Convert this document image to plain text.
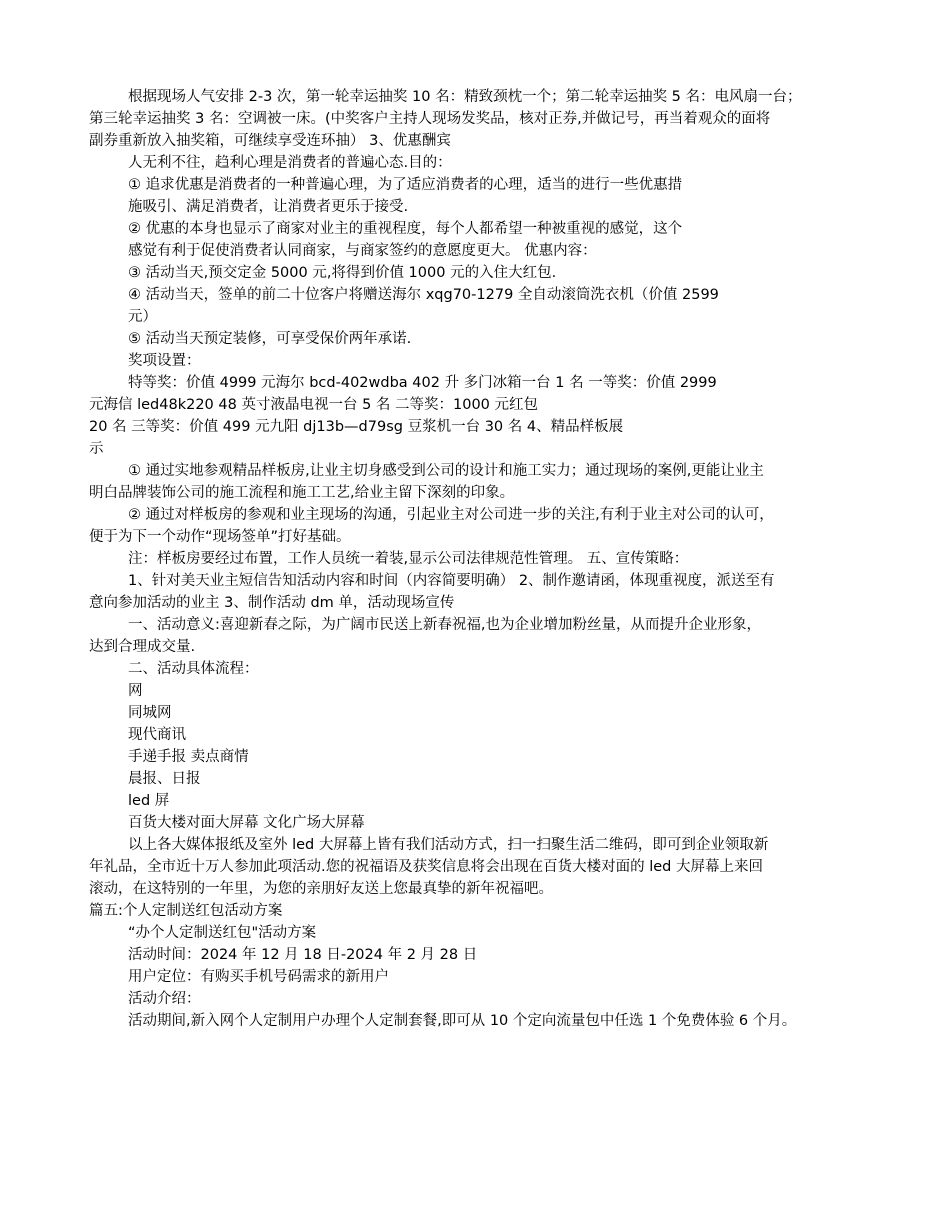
根据现场人气安排 2-3 次，第一轮幸运抽奖 10 名：精致颈枕一个；第二轮幸运抽奖 5 名：电风扇一台；
第三轮幸运抽奖 3 名：空调被一床。(中奖客户主持人现场发奖品，核对正券,并做记号，再当着观众的面将
副券重新放入抽奖箱，可继续享受连环抽） 3、优惠酬宾
人无利不往，趋利心理是消费者的普遍心态.目的：
① 追求优惠是消费者的一种普遍心理，为了适应消费者的心理，适当的进行一些优惠措
施吸引、满足消费者，让消费者更乐于接受.
② 优惠的本身也显示了商家对业主的重视程度，每个人都希望一种被重视的感觉，这个
感觉有利于促使消费者认同商家，与商家签约的意愿度更大。 优惠内容：
③ 活动当天,预交定金 5000 元,将得到价值 1000 元的入住大红包.
④ 活动当天，签单的前二十位客户将赠送海尔 xqg70-1279 全自动滚筒洗衣机（价值 2599
元）
⑤ 活动当天预定装修，可享受保价两年承诺.
奖项设置：
特等奖：价值 4999 元海尔 bcd-402wdba 402 升 多门冰箱一台 1 名 一等奖：价值 2999
元海信 led48k220 48 英寸液晶电视一台 5 名 二等奖：1000 元红包
20 名 三等奖：价值 499 元九阳 dj13b—d79sg 豆浆机一台 30 名 4、精品样板展
示
① 通过实地参观精品样板房,让业主切身感受到公司的设计和施工实力；通过现场的案例,更能让业主
明白品牌装饰公司的施工流程和施工工艺,给业主留下深刻的印象。
② 通过对样板房的参观和业主现场的沟通，引起业主对公司进一步的关注,有利于业主对公司的认可，
便于为下一个动作“现场签单”打好基础。
注：样板房要经过布置，工作人员统一着装,显示公司法律规范性管理。 五、宣传策略：
1、针对美天业主短信告知活动内容和时间（内容简要明确） 2、制作邀请函，体现重视度，派送至有
意向参加活动的业主 3、制作活动 dm 单，活动现场宣传
一、活动意义:喜迎新春之际，为广阔市民送上新春祝福,也为企业增加粉丝量，从而提升企业形象，
达到合理成交量.
二、活动具体流程：
网
同城网
现代商讯
手递手报 卖点商情
晨报、日报
led 屏
百货大楼对面大屏幕 文化广场大屏幕
以上各大媒体报纸及室外 led 大屏幕上皆有我们活动方式，扫一扫聚生活二维码，即可到企业领取新
年礼品，全市近十万人参加此项活动.您的祝福语及获奖信息将会出现在百货大楼对面的 led 大屏幕上来回
滚动，在这特别的一年里，为您的亲朋好友送上您最真挚的新年祝福吧。
篇五:个人定制送红包活动方案
“办个人定制送红包"活动方案
活动时间：2024 年 12 月 18 日-2024 年 2 月 28 日
用户定位：有购买手机号码需求的新用户
活动介绍：
活动期间,新入网个人定制用户办理个人定制套餐,即可从 10 个定向流量包中任选 1 个免费体验 6 个月。
